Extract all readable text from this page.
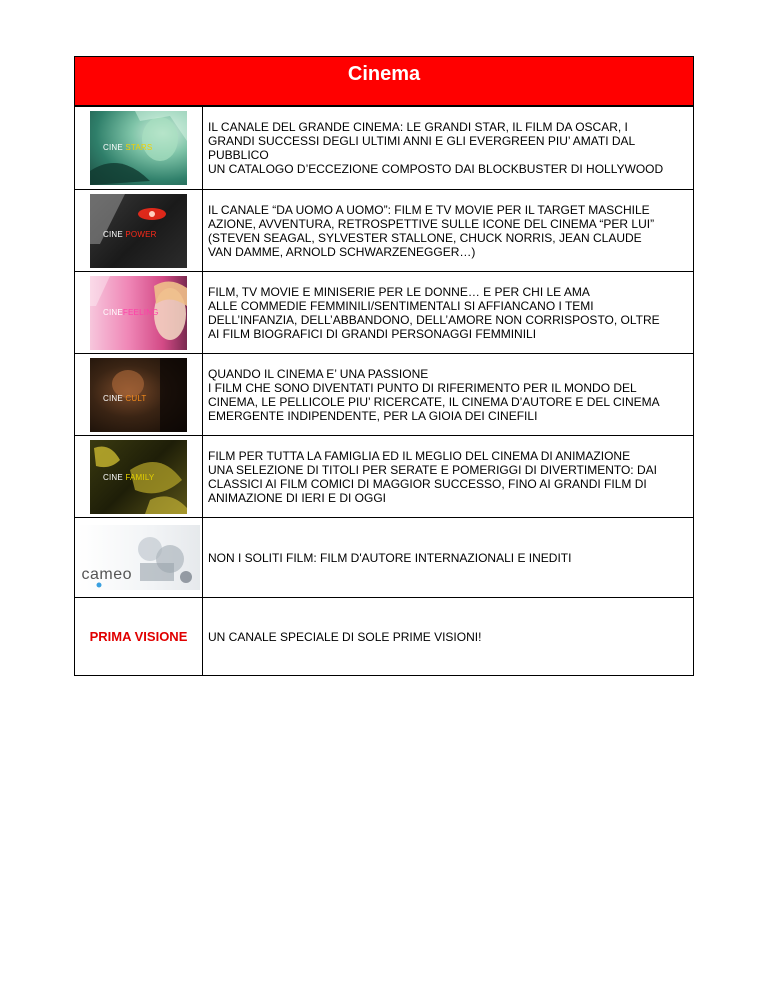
Cinema
CINE STARS
IL CANALE DEL GRANDE CINEMA: LE GRANDI STAR, IL FILM DA OSCAR, I
GRANDI SUCCESSI DEGLI ULTIMI ANNI E GLI EVERGREEN PIU’ AMATI DAL
PUBBLICO
UN CATALOGO D’ECCEZIONE COMPOSTO DAI BLOCKBUSTER DI HOLLYWOOD
CINE POWER
IL CANALE “DA UOMO A UOMO”: FILM E TV MOVIE PER IL TARGET MASCHILE
AZIONE, AVVENTURA, RETROSPETTIVE SULLE ICONE DEL CINEMA “PER LUI”
(STEVEN SEAGAL, SYLVESTER STALLONE, CHUCK NORRIS, JEAN CLAUDE
VAN DAMME, ARNOLD SCHWARZENEGGER…)
CINEFEELING
FILM, TV MOVIE E MINISERIE PER LE DONNE… E PER CHI LE AMA
ALLE COMMEDIE FEMMINILI/SENTIMENTALI SI AFFIANCANO I TEMI
DELL’INFANZIA, DELL’ABBANDONO, DELL’AMORE NON CORRISPOSTO, OLTRE
AI FILM BIOGRAFICI DI GRANDI PERSONAGGI FEMMINILI
CINE CULT
QUANDO IL CINEMA E’ UNA PASSIONE
I FILM CHE SONO DIVENTATI PUNTO DI RIFERIMENTO PER IL MONDO DEL
CINEMA, LE PELLICOLE PIU’ RICERCATE, IL CINEMA D’AUTORE E DEL CINEMA
EMERGENTE INDIPENDENTE, PER LA GIOIA DEI CINEFILI
CINE FAMILY
FILM PER TUTTA LA FAMIGLIA ED IL MEGLIO DEL CINEMA DI ANIMAZIONE
UNA SELEZIONE DI TITOLI PER SERATE E POMERIGGI DI DIVERTIMENTO: DAI
CLASSICI AI FILM COMICI DI MAGGIOR SUCCESSO, FINO AI GRANDI FILM DI
ANIMAZIONE DI IERI E DI OGGI
cameo
NON I SOLITI FILM: FILM D'AUTORE INTERNAZIONALI E INEDITI
PRIMA VISIONE UN CANALE SPECIALE DI SOLE PRIME VISIONI!
